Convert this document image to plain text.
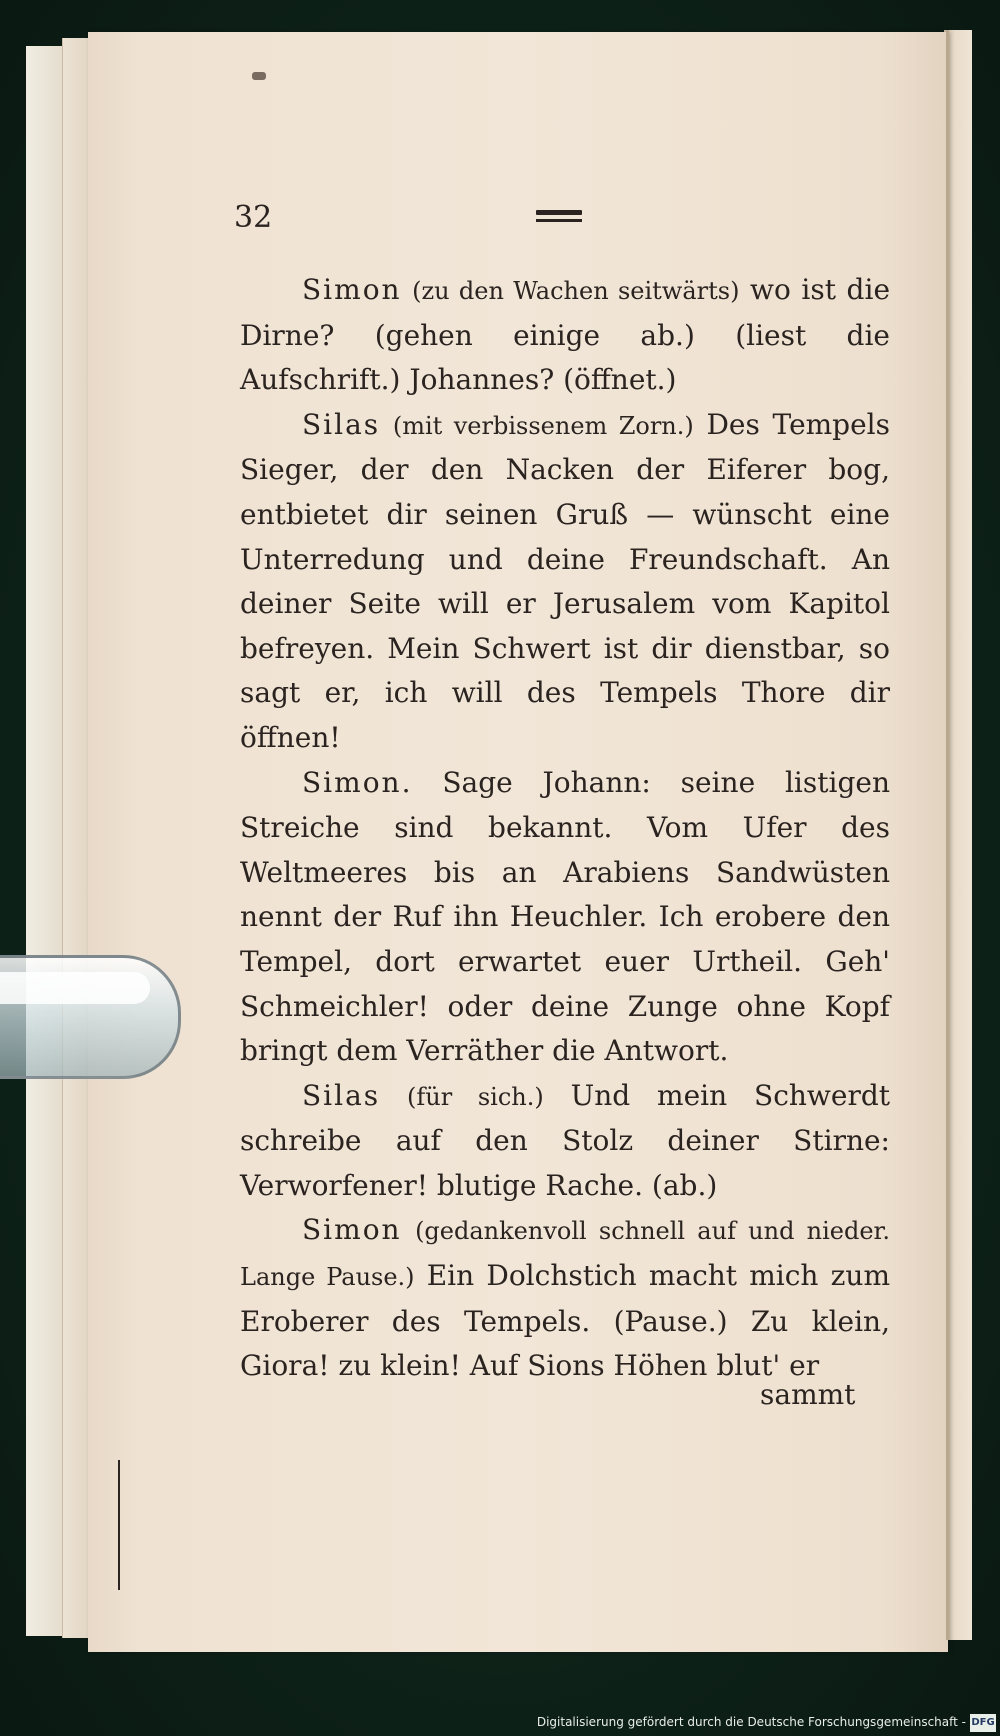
32

Simon (zu den Wachen seitwärts) wo ist die Dirne? (gehen einige ab.) (liest die Aufschrift.) Johannes? (öffnet.)

Silas (mit verbissenem Zorn.) Des Tempels Sieger, der den Nacken der Eiferer bog, entbietet dir seinen Gruß — wünscht eine Unterredung und deine Freundschaft. An deiner Seite will er Jerusalem vom Kapitol befreyen. Mein Schwert ist dir dienstbar, so sagt er, ich will des Tempels Thore dir öffnen!

Simon. Sage Johann: seine listigen Streiche sind bekannt. Vom Ufer des Weltmeeres bis an Arabiens Sandwüsten nennt der Ruf ihn Heuchler. Ich erobere den Tempel, dort erwartet euer Urtheil. Geh' Schmeichler! oder deine Zunge ohne Kopf bringt dem Verräther die Antwort.

Silas (für sich.) Und mein Schwerdt schreibe auf den Stolz deiner Stirne: Verworfener! blutige Rache. (ab.)

Simon (gedankenvoll schnell auf und nieder. Lange Pause.) Ein Dolchstich macht mich zum Eroberer des Tempels. (Pause.) Zu klein, Giora! zu klein! Auf Sions Höhen blut' er

sammt
Digitalisierung gefördert durch die Deutsche Forschungsgemeinschaft - DFG
